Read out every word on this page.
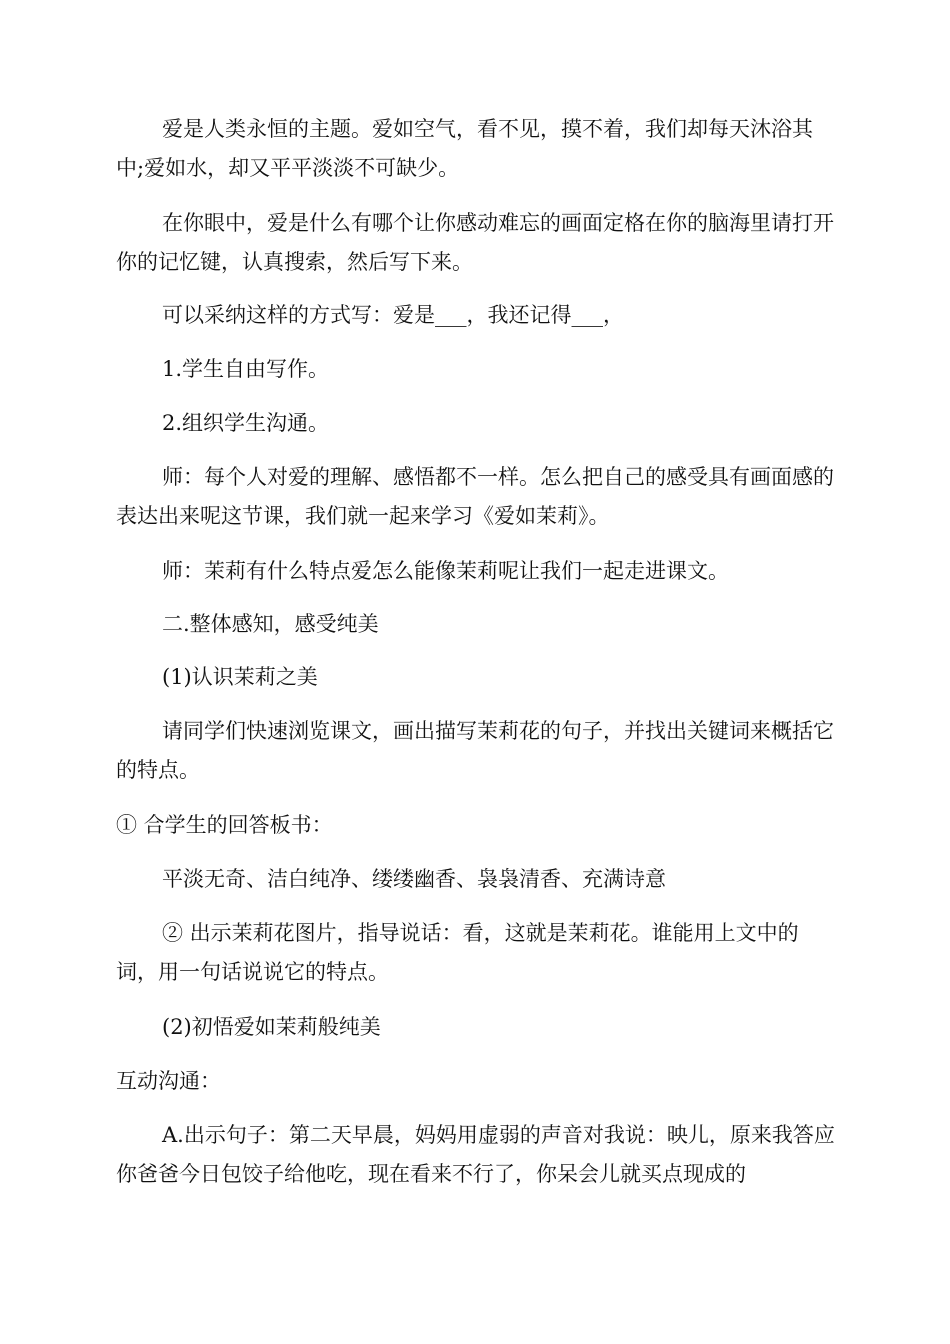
爱是人类永恒的主题。爱如空气，看不见，摸不着，我们却每天沐浴其中;爱如水，却又平平淡淡不可缺少。

在你眼中，爱是什么有哪个让你感动难忘的画面定格在你的脑海里请打开你的记忆键，认真搜索，然后写下来。

可以采纳这样的方式写：爱是___，我还记得___，

1.学生自由写作。

2.组织学生沟通。

师：每个人对爱的理解、感悟都不一样。怎么把自己的感受具有画面感的表达出来呢这节课，我们就一起来学习《爱如茉莉》。

师：茉莉有什么特点爱怎么能像茉莉呢让我们一起走进课文。

二.整体感知，感受纯美

(1)认识茉莉之美

请同学们快速浏览课文，画出描写茉莉花的句子，并找出关键词来概括它的特点。

① 合学生的回答板书：

平淡无奇、洁白纯净、缕缕幽香、袅袅清香、充满诗意

② 出示茉莉花图片，指导说话：看，这就是茉莉花。谁能用上文中的词，用一句话说说它的特点。

(2)初悟爱如茉莉般纯美

互动沟通：

A.出示句子：第二天早晨，妈妈用虚弱的声音对我说：映儿，原来我答应你爸爸今日包饺子给他吃，现在看来不行了，你呆会儿就买点现成的
